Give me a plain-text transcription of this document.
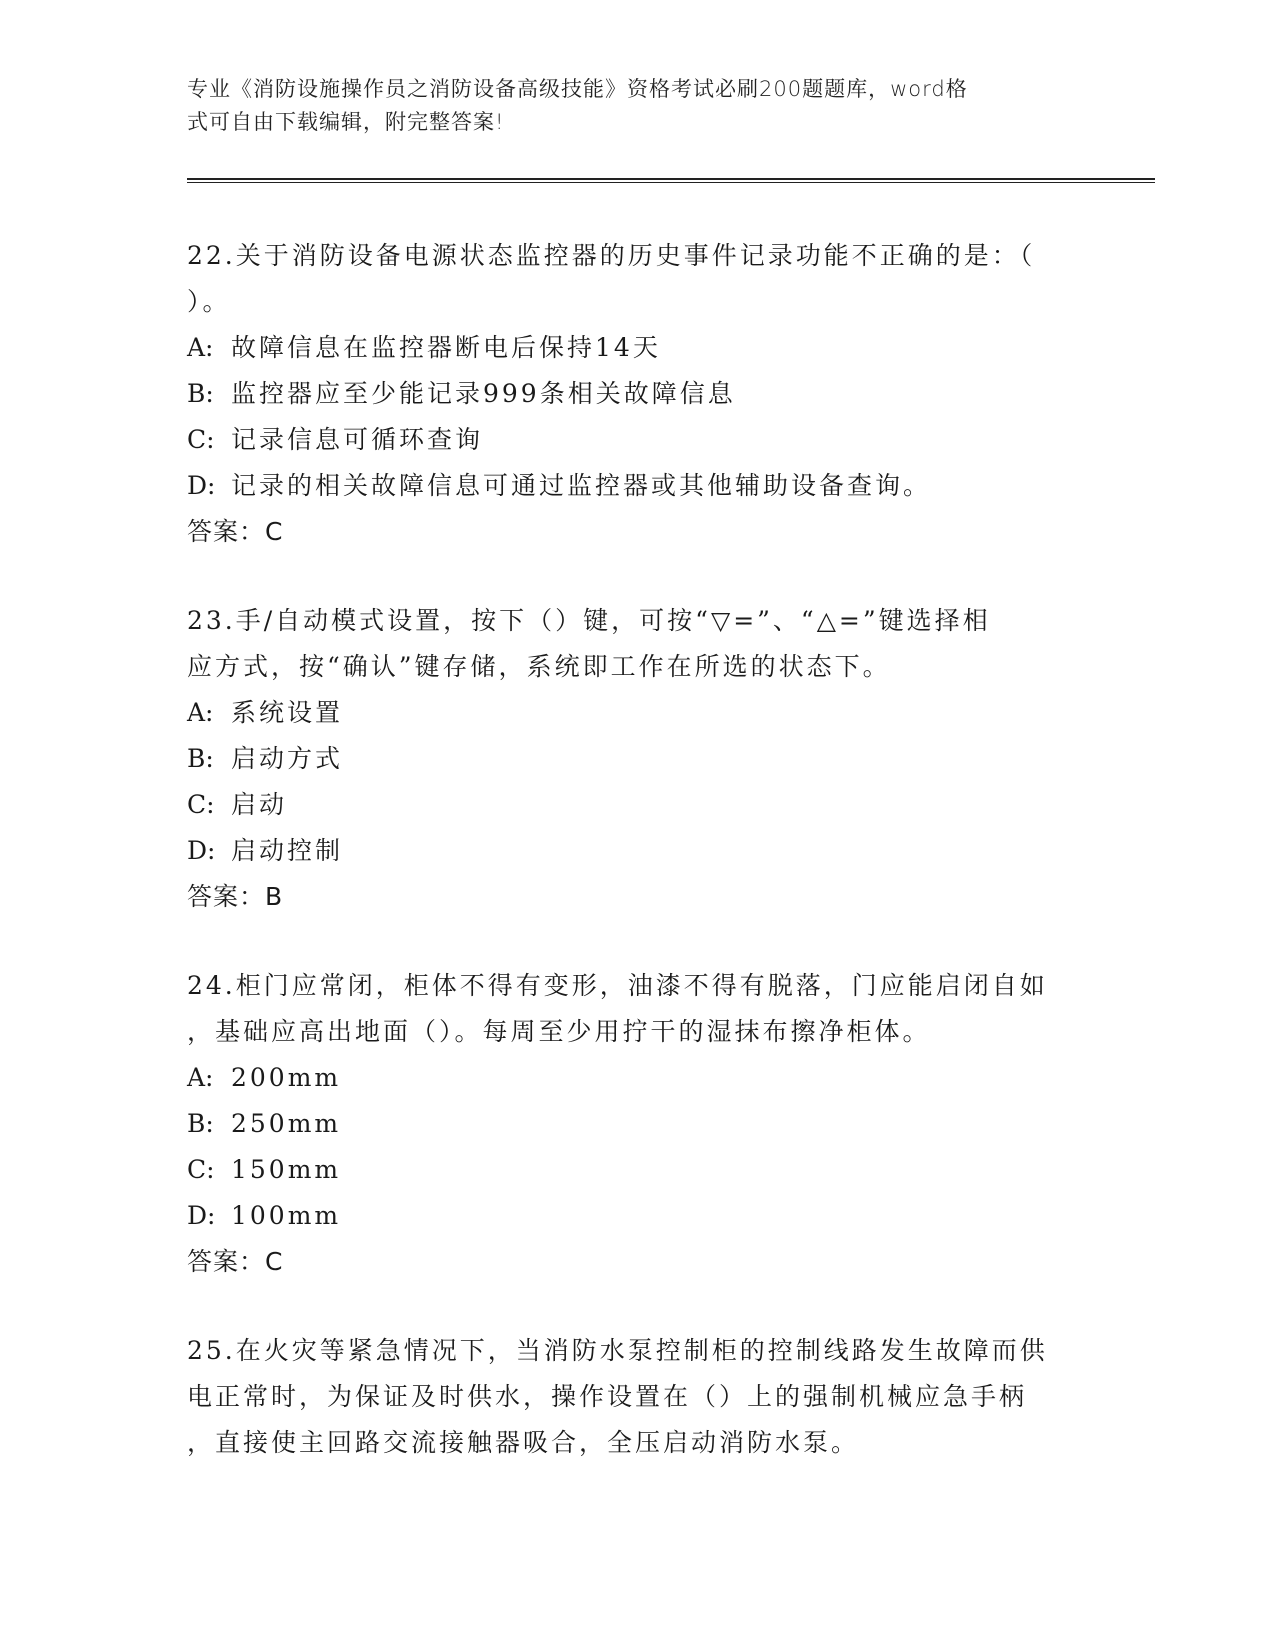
专业《消防设施操作员之消防设备高级技能》资格考试必刷200题题库，word格
式可自由下载编辑，附完整答案!

22.关于消防设备电源状态监控器的历史事件记录功能不正确的是：（

）。

A: 故障信息在监控器断电后保持14天

B: 监控器应至少能记录999条相关故障信息

C: 记录信息可循环查询

D: 记录的相关故障信息可通过监控器或其他辅助设备查询。

答案：C

23.手/自动模式设置，按下（）键，可按“▽=”、“△=”键选择相

应方式，按“确认”键存储，系统即工作在所选的状态下。

A: 系统设置

B: 启动方式

C: 启动

D: 启动控制

答案：B

24.柜门应常闭，柜体不得有变形，油漆不得有脱落，门应能启闭自如

，基础应高出地面（）。每周至少用拧干的湿抹布擦净柜体。

A: 200mm

B: 250mm

C: 150mm

D: 100mm

答案：C

25.在火灾等紧急情况下，当消防水泵控制柜的控制线路发生故障而供

电正常时，为保证及时供水，操作设置在（）上的强制机械应急手柄

，直接使主回路交流接触器吸合，全压启动消防水泵。
